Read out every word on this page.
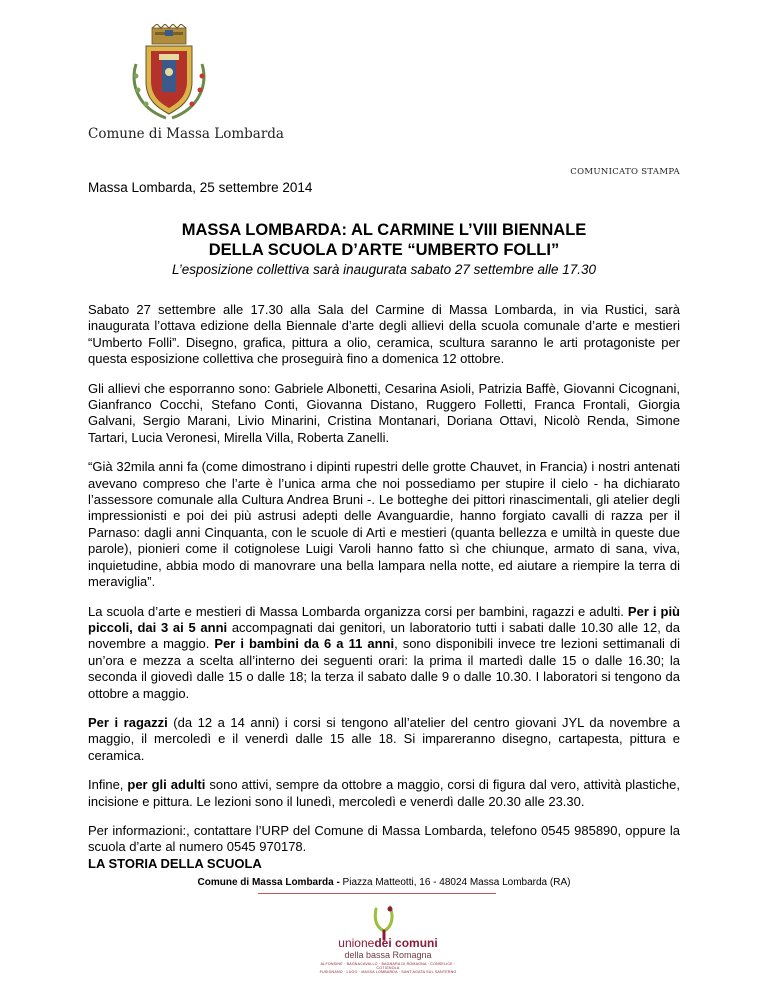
Comune di Massa Lombarda
COMUNICATO STAMPA
Massa Lombarda, 25 settembre 2014
MASSA LOMBARDA: AL CARMINE L’VIII BIENNALE
DELLA SCUOLA D’ARTE “UMBERTO FOLLI”
L’esposizione collettiva sarà inaugurata sabato 27 settembre alle 17.30

Sabato 27 settembre alle 17.30 alla Sala del Carmine di Massa Lombarda, in via Rustici, sarà inaugurata l’ottava edizione della Biennale d’arte degli allievi della scuola comunale d’arte e mestieri “Umberto Folli”. Disegno, grafica, pittura a olio, ceramica, scultura saranno le arti protagoniste per questa esposizione collettiva che proseguirà fino a domenica 12 ottobre.

Gli allievi che esporranno sono: Gabriele Albonetti, Cesarina Asioli, Patrizia Baffè, Giovanni Cicognani, Gianfranco Cocchi, Stefano Conti, Giovanna Distano, Ruggero Folletti, Franca Frontali, Giorgia Galvani, Sergio Marani, Livio Minarini, Cristina Montanari, Doriana Ottavi, Nicolò Renda, Simone Tartari, Lucia Veronesi, Mirella Villa, Roberta Zanelli.

“Già 32mila anni fa (come dimostrano i dipinti rupestri delle grotte Chauvet, in Francia) i nostri antenati avevano compreso che l’arte è l’unica arma che noi possediamo per stupire il cielo - ha dichiarato l’assessore comunale alla Cultura Andrea Bruni -. Le botteghe dei pittori rinascimentali, gli atelier degli impressionisti e poi dei più astrusi adepti delle Avanguardie, hanno forgiato cavalli di razza per il Parnaso: dagli anni Cinquanta, con le scuole di Arti e mestieri (quanta bellezza e umiltà in queste due parole), pionieri come il cotignolese Luigi Varoli hanno fatto sì che chiunque, armato di sana, viva, inquietudine, abbia modo di manovrare una bella lampara nella notte, ed aiutare a riempire la terra di meraviglia”.

La scuola d’arte e mestieri di Massa Lombarda organizza corsi per bambini, ragazzi e adulti. Per i più piccoli, dai 3 ai 5 anni accompagnati dai genitori, un laboratorio tutti i sabati dalle 10.30 alle 12, da novembre a maggio. Per i bambini da 6 a 11 anni, sono disponibili invece tre lezioni settimanali di un’ora e mezza a scelta all’interno dei seguenti orari: la prima il martedì dalle 15 o dalle 16.30; la seconda il giovedì dalle 15 o dalle 18; la terza il sabato dalle 9 o dalle 10.30. I laboratori si tengono da ottobre a maggio.

Per i ragazzi (da 12 a 14 anni) i corsi si tengono all’atelier del centro giovani JYL da novembre a maggio, il mercoledì e il venerdì dalle 15 alle 18. Si impareranno disegno, cartapesta, pittura e ceramica.

Infine, per gli adulti sono attivi, sempre da ottobre a maggio, corsi di figura dal vero, attività plastiche, incisione e pittura. Le lezioni sono il lunedì, mercoledì e venerdì dalle 20.30 alle 23.30.

Per informazioni:, contattare l’URP del Comune di Massa Lombarda, telefono 0545 985890, oppure la scuola d’arte al numero 0545 970178.

LA STORIA DELLA SCUOLA

Comune di Massa Lombarda - Piazza Matteotti, 16 - 48024 Massa Lombarda (RA)
unionedei comuni
della bassa Romagna
ALFONSINE · BAGNACAVALLO · BAGNARA DI ROMAGNA · CONSELICE · COTIGNOLA
FUSIGNANO · LUGO · MASSA LOMBARDA · SANT'AGATA SUL SANTERNO
